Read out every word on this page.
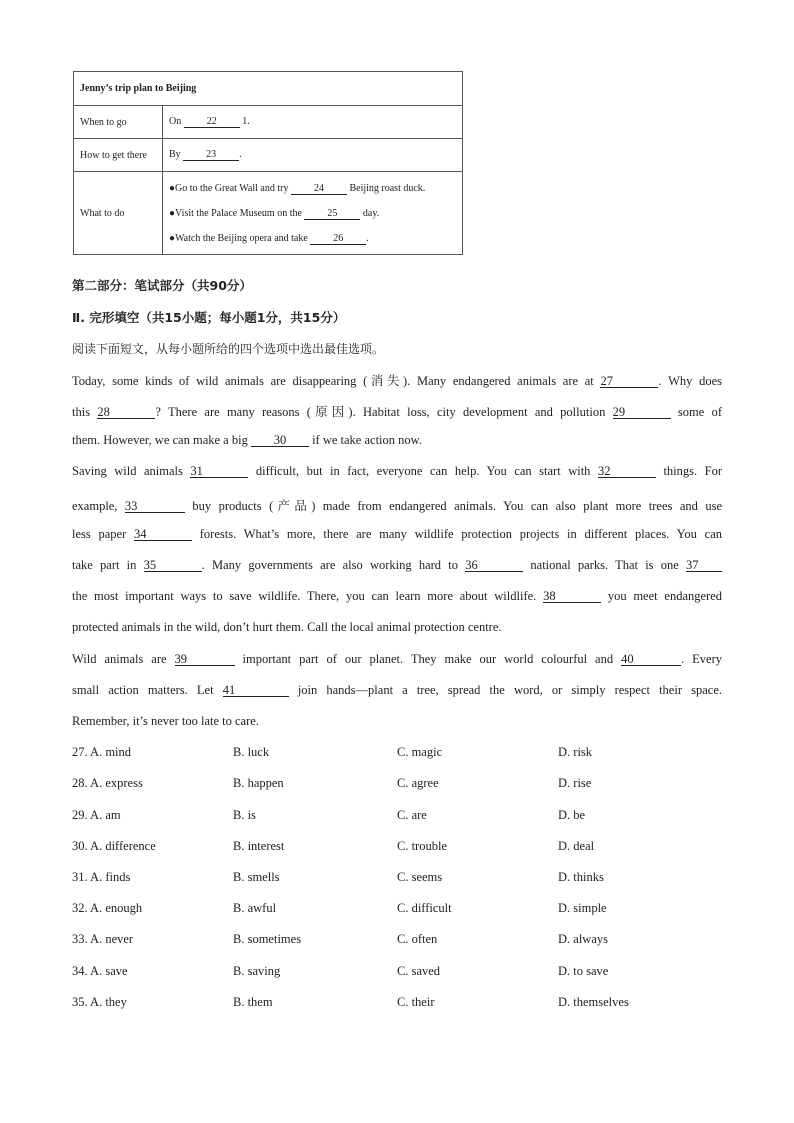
Jenny’s trip plan to Beijing	
When to go	On 22 1.
How to get there	By 23 .
What to do	●Go to the Great Wall and try 24 Beijing roast duck.
●Visit the Palace Museum on the 25 day.
●Watch the Beijing opera and take 26 .
第二部分：笔试部分（共90分）
Ⅱ. 完形填空（共15小题；每小题1分，共15分）
阅读下面短文，从每小题所给的四个选项中选出最佳选项。
Today, some kinds of wild animals are disappearing (消失). Many endangered animals are at 27	. Why does
this 28	? There are many reasons (原因). Habitat loss, city development and pollution 29	some of
them. However, we can make a big 30 if we take action now.
Saving wild animals 31	difficult, but in fact, everyone can help. You can start with 32	things. For
example, 33	buy products (产品) made from endangered animals. You can also plant more trees and use
less paper 34	forests. What’s more, there are many wildlife protection projects in different places. You can
take part in 35	. Many governments are also working hard to 36	national parks. That is one 37
the most important ways to save wildlife. There, you can learn more about wildlife. 38	you meet endangered
protected animals in the wild, don’t hurt them. Call the local animal protection centre.
Wild animals are 39	important part of our planet. They make our world colourful and 40	. Every
small action matters. Let 41	join hands—plant a tree, spread the word, or simply respect their space.
Remember, it’s never too late to care.
27. A. mind	B. luck	C. magic	D. risk
28. A. express	B. happen	C. agree	D. rise
29. A. am	B. is	C. are	D. be
30. A. difference	B. interest	C. trouble	D. deal
31. A. finds	B. smells	C. seems	D. thinks
32. A. enough	B. awful	C. difficult	D. simple
33. A. never	B. sometimes	C. often	D. always
34. A. save	B. saving	C. saved	D. to save
35. A. they	B. them	C. their	D. themselves
